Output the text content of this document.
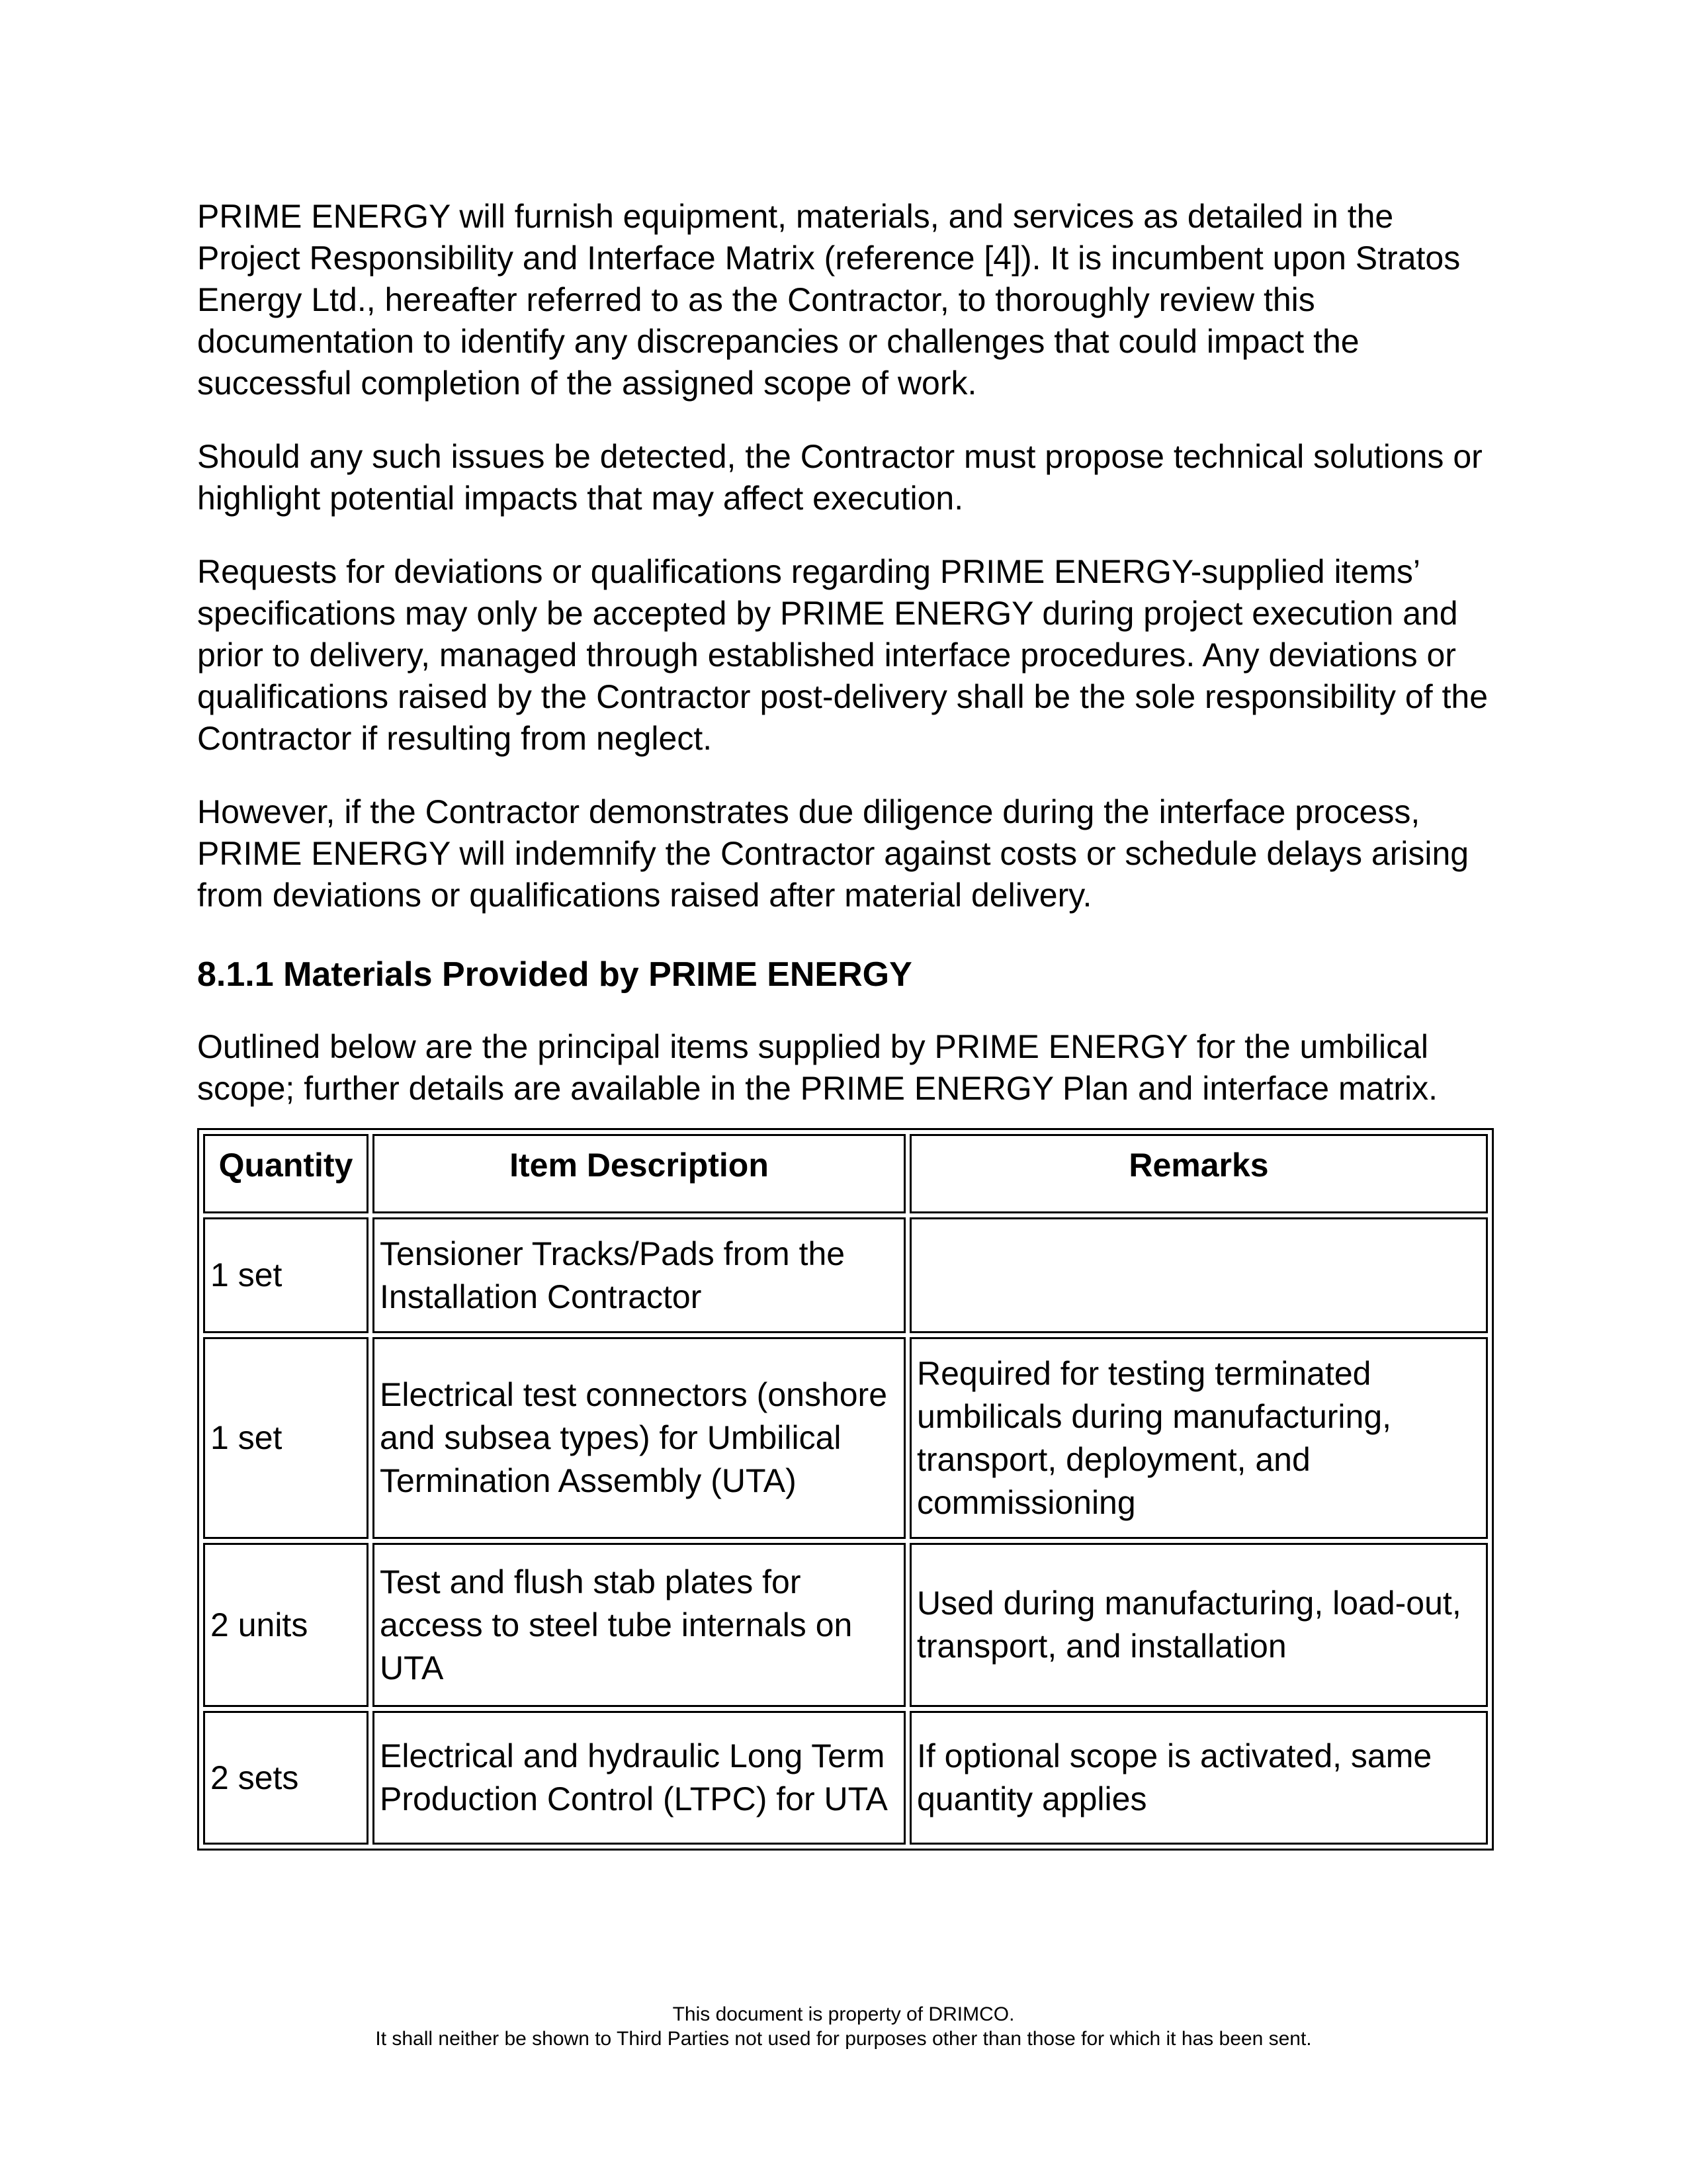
PRIME ENERGY will furnish equipment, materials, and services as detailed in the Project Responsibility and Interface Matrix (reference [4]). It is incumbent upon Stratos Energy Ltd., hereafter referred to as the Contractor, to thoroughly review this documentation to identify any discrepancies or challenges that could impact the successful completion of the assigned scope of work.

Should any such issues be detected, the Contractor must propose technical solutions or highlight potential impacts that may affect execution.

Requests for deviations or qualifications regarding PRIME ENERGY-supplied items’ specifications may only be accepted by PRIME ENERGY during project execution and prior to delivery, managed through established interface procedures. Any deviations or qualifications raised by the Contractor post-delivery shall be the sole responsibility of the Contractor if resulting from neglect.

However, if the Contractor demonstrates due diligence during the interface process, PRIME ENERGY will indemnify the Contractor against costs or schedule delays arising from deviations or qualifications raised after material delivery.

8.1.1 Materials Provided by PRIME ENERGY

Outlined below are the principal items supplied by PRIME ENERGY for the umbilical scope; further details are available in the PRIME ENERGY Plan and interface matrix.

Quantity	Item Description	Remarks
1 set	Tensioner Tracks/Pads from the Installation Contractor	
1 set	Electrical test connectors (onshore and subsea types) for Umbilical Termination Assembly (UTA)	Required for testing terminated umbilicals during manufacturing, transport, deployment, and commissioning
2 units	Test and flush stab plates for access to steel tube internals on UTA	Used during manufacturing, load-out, transport, and installation
2 sets	Electrical and hydraulic Long Term Production Control (LTPC) for UTA	If optional scope is activated, same quantity applies
This document is property of DRIMCO.
It shall neither be shown to Third Parties not used for purposes other than those for which it has been sent.
